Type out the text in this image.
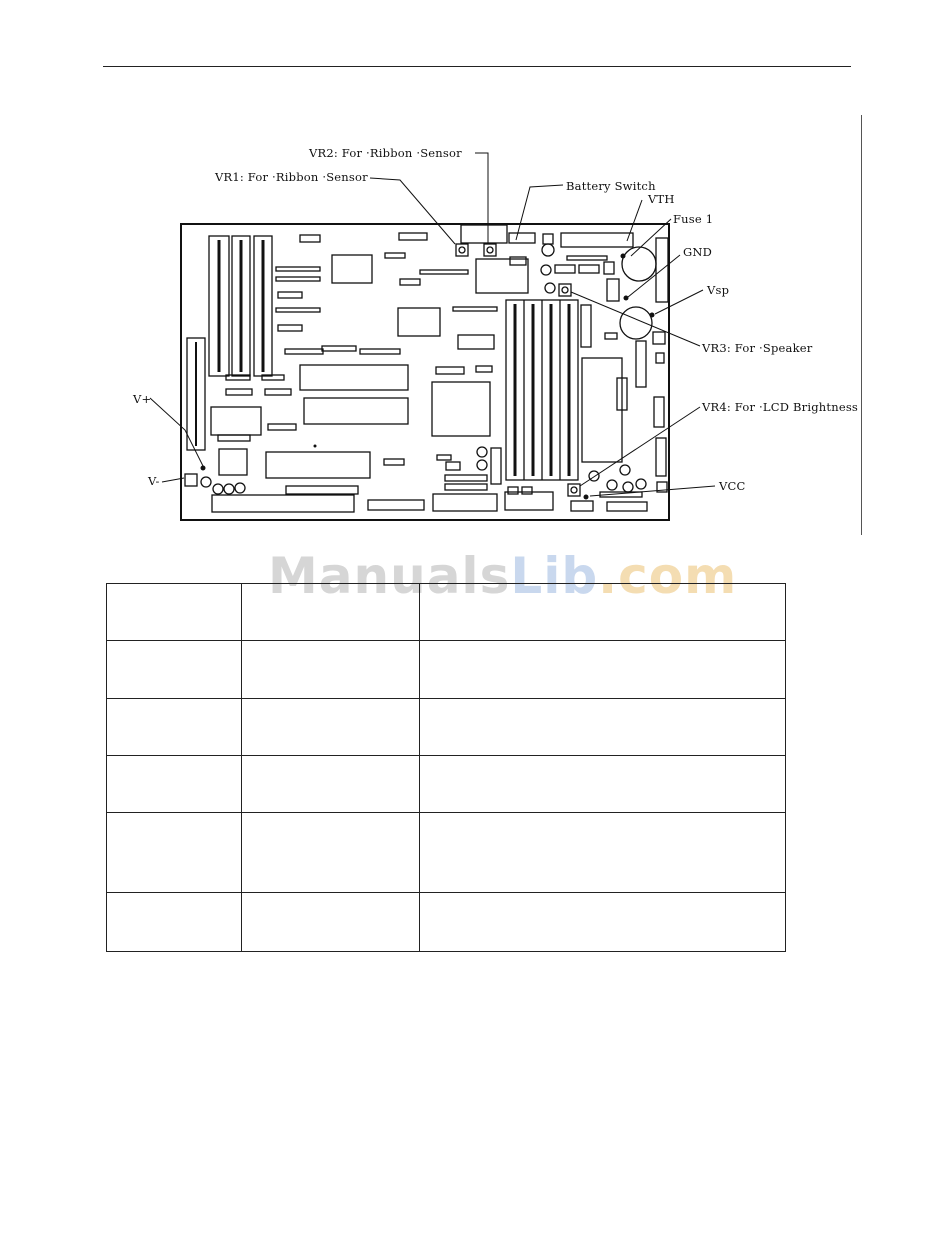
VR2: For ‧Ribbon ‧Sensor
VR1: For ‧Ribbon ‧Sensor
Battery Switch
VTH
Fuse 1
GND
Vsp
VR3: For ‧Speaker
VR4: For ‧LCD Brightness
V+
V-	VCC
ManualsLib.com
